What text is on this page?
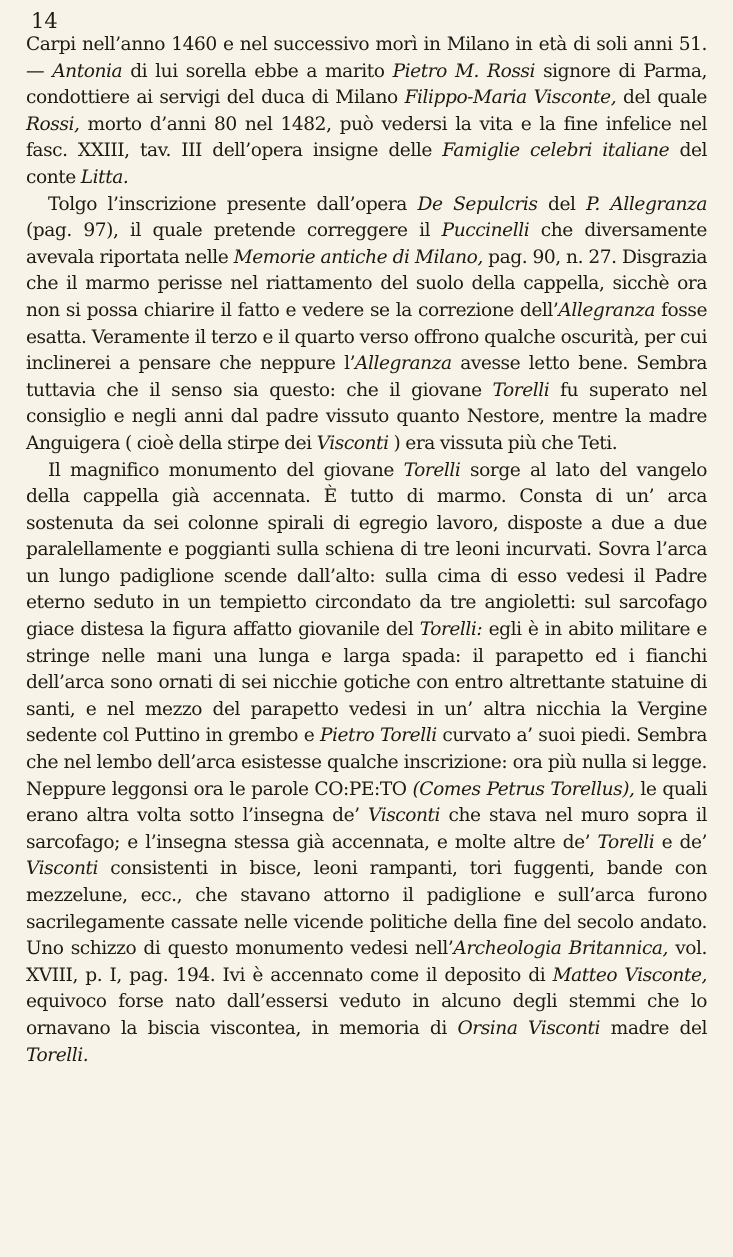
14

Carpi nell’anno 1460 e nel successivo morì in Milano in età di soli anni 51. — Antonia di lui sorella ebbe a marito Pietro M. Rossi signore di Parma, condottiere ai servigi del duca di Milano Filippo-Maria Visconte, del quale Rossi, morto d’anni 80 nel 1482, può vedersi la vita e la fine infelice nel fasc. XXIII, tav. III dell’opera insigne delle Famiglie celebri italiane del conte Litta.

Tolgo l’inscrizione presente dall’opera De Sepulcris del P. Allegranza (pag. 97), il quale pretende correggere il Puccinelli che diversamente avevala riportata nelle Memorie antiche di Milano, pag. 90, n. 27. Disgrazia che il marmo perisse nel riattamento del suolo della cappella, sicchè ora non si possa chiarire il fatto e vedere se la correzione dell’Allegranza fosse esatta. Veramente il terzo e il quarto verso offrono qualche oscurità, per cui inclinerei a pensare che neppure l’Allegranza avesse letto bene. Sembra tuttavia che il senso sia questo: che il giovane Torelli fu superato nel consiglio e negli anni dal padre vissuto quanto Nestore, mentre la madre Anguigera ( cioè della stirpe dei Visconti ) era vissuta più che Teti.

Il magnifico monumento del giovane Torelli sorge al lato del vangelo della cappella già accennata. È tutto di marmo. Consta di un’ arca sostenuta da sei colonne spirali di egregio lavoro, disposte a due a due paralellamente e poggianti sulla schiena di tre leoni incurvati. Sovra l’arca un lungo padiglione scende dall’alto: sulla cima di esso vedesi il Padre eterno seduto in un tempietto circondato da tre angioletti: sul sarcofago giace distesa la figura affatto giovanile del Torelli: egli è in abito militare e stringe nelle mani una lunga e larga spada: il parapetto ed i fianchi dell’arca sono ornati di sei nicchie gotiche con entro altrettante statuine di santi, e nel mezzo del parapetto vedesi in un’ altra nicchia la Vergine sedente col Puttino in grembo e Pietro Torelli curvato a’ suoi piedi. Sembra che nel lembo dell’arca esistesse qualche inscrizione: ora più nulla si legge. Neppure leggonsi ora le parole CO:PE:TO (Comes Petrus Torellus), le quali erano altra volta sotto l’insegna de’ Visconti che stava nel muro sopra il sarcofago; e l’insegna stessa già accennata, e molte altre de’ Torelli e de’ Visconti consistenti in bisce, leoni rampanti, tori fuggenti, bande con mezzelune, ecc., che stavano attorno il padiglione e sull’arca furono sacrilegamente cassate nelle vicende politiche della fine del secolo andato. Uno schizzo di questo monumento vedesi nell’Archeologia Britannica, vol. XVIII, p. I, pag. 194. Ivi è accennato come il deposito di Matteo Visconte, equivoco forse nato dall’essersi veduto in alcuno degli stemmi che lo ornavano la biscia viscontea, in memoria di Orsina Visconti madre del Torelli.
